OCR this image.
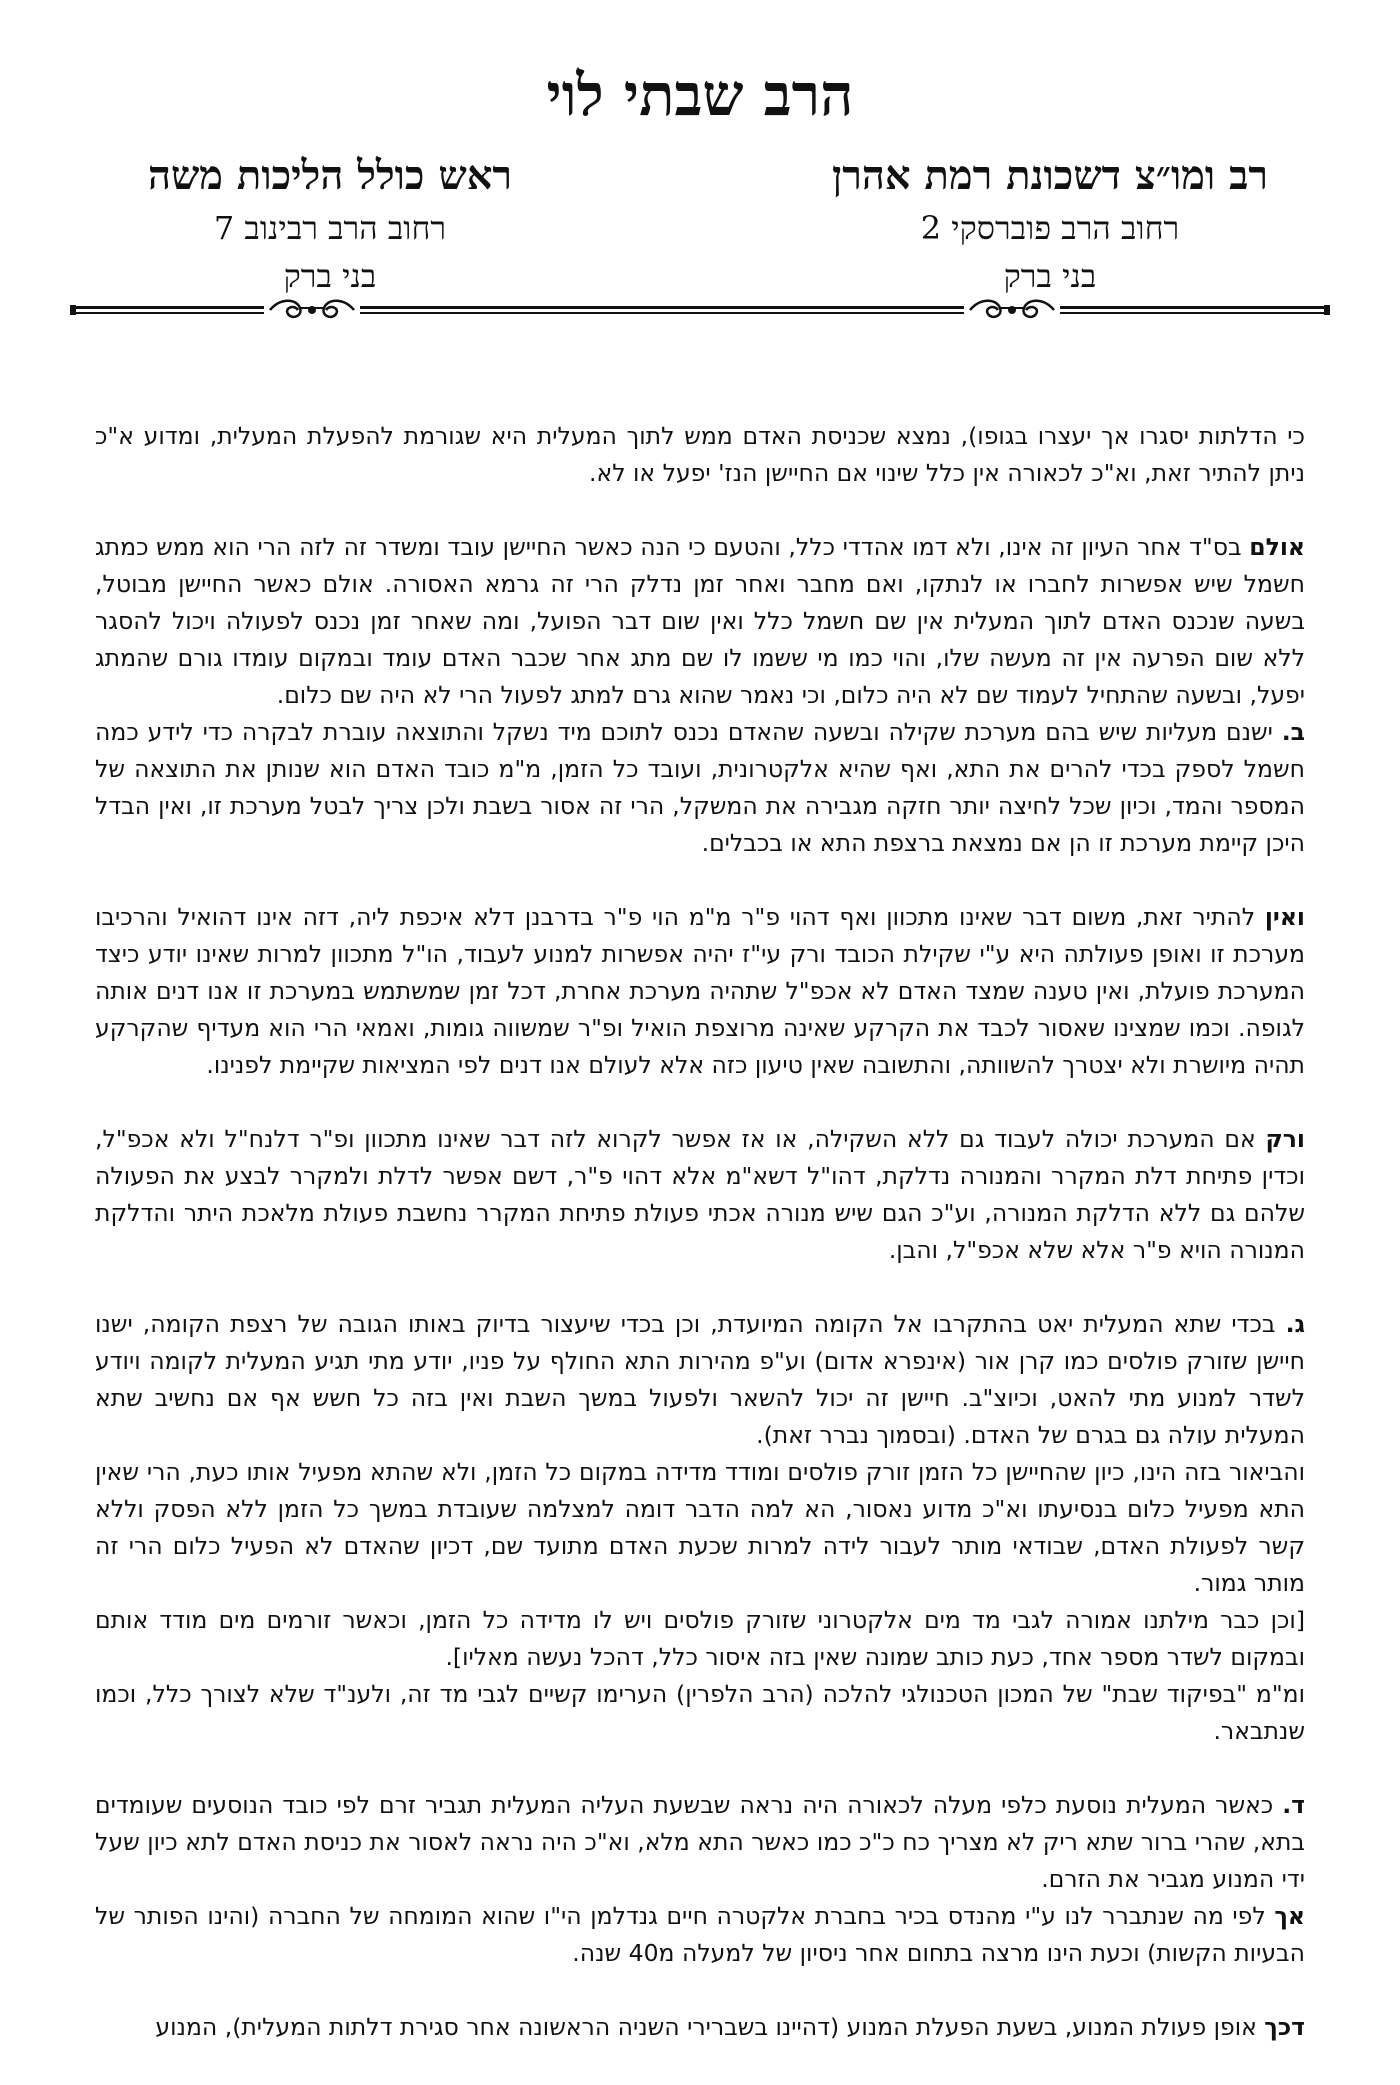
הרב שבתי לוי
רב ומו״צ דשכונת רמת אהרן
רחוב הרב פוברסקי 2
בני ברק
ראש כולל הליכות משה
רחוב הרב רבינוב 7
בני ברק

כי הדלתות יסגרו אך יעצרו בגופו), נמצא שכניסת האדם ממש לתוך המעלית היא שגורמת להפעלת המעלית, ומדוע א"כ ניתן להתיר זאת, וא"כ לכאורה אין כלל שינוי אם החיישן הנז' יפעל או לא.

אולם בס"ד אחר העיון זה אינו, ולא דמו אהדדי כלל, והטעם כי הנה כאשר החיישן עובד ומשדר זה לזה הרי הוא ממש כמתג חשמל שיש אפשרות לחברו או לנתקו, ואם מחבר ואחר זמן נדלק הרי זה גרמא האסורה. אולם כאשר החיישן מבוטל, בשעה שנכנס האדם לתוך המעלית אין שם חשמל כלל ואין שום דבר הפועל, ומה שאחר זמן נכנס לפעולה ויכול להסגר ללא שום הפרעה אין זה מעשה שלו, והוי כמו מי ששמו לו שם מתג אחר שכבר האדם עומד ובמקום עומדו גורם שהמתג יפעל, ובשעה שהתחיל לעמוד שם לא היה כלום, וכי נאמר שהוא גרם למתג לפעול הרי לא היה שם כלום.

ב. ישנם מעליות שיש בהם מערכת שקילה ובשעה שהאדם נכנס לתוכם מיד נשקל והתוצאה עוברת לבקרה כדי לידע כמה חשמל לספק בכדי להרים את התא, ואף שהיא אלקטרונית, ועובד כל הזמן, מ"מ כובד האדם הוא שנותן את התוצאה של המספר והמד, וכיון שכל לחיצה יותר חזקה מגבירה את המשקל, הרי זה אסור בשבת ולכן צריך לבטל מערכת זו, ואין הבדל היכן קיימת מערכת זו הן אם נמצאת ברצפת התא או בכבלים.

ואין להתיר זאת, משום דבר שאינו מתכוון ואף דהוי פ"ר מ"מ הוי פ"ר בדרבנן דלא איכפת ליה, דזה אינו דהואיל והרכיבו מערכת זו ואופן פעולתה היא ע"י שקילת הכובד ורק עי"ז יהיה אפשרות למנוע לעבוד, הו"ל מתכוון למרות שאינו יודע כיצד המערכת פועלת, ואין טענה שמצד האדם לא אכפ"ל שתהיה מערכת אחרת, דכל זמן שמשתמש במערכת זו אנו דנים אותה לגופה. וכמו שמצינו שאסור לכבד את הקרקע שאינה מרוצפת הואיל ופ"ר שמשווה גומות, ואמאי הרי הוא מעדיף שהקרקע תהיה מיושרת ולא יצטרך להשוותה, והתשובה שאין טיעון כזה אלא לעולם אנו דנים לפי המציאות שקיימת לפנינו.

ורק אם המערכת יכולה לעבוד גם ללא השקילה, או אז אפשר לקרוא לזה דבר שאינו מתכוון ופ"ר דלנח"ל ולא אכפ"ל, וכדין פתיחת דלת המקרר והמנורה נדלקת, דהו"ל דשא"מ אלא דהוי פ"ר, דשם אפשר לדלת ולמקרר לבצע את הפעולה שלהם גם ללא הדלקת המנורה, וע"כ הגם שיש מנורה אכתי פעולת פתיחת המקרר נחשבת פעולת מלאכת היתר והדלקת המנורה הויא פ"ר אלא שלא אכפ"ל, והבן.

ג. בכדי שתא המעלית יאט בהתקרבו אל הקומה המיועדת, וכן בכדי שיעצור בדיוק באותו הגובה של רצפת הקומה, ישנו חיישן שזורק פולסים כמו קרן אור (אינפרא אדום) וע"פ מהירות התא החולף על פניו, יודע מתי תגיע המעלית לקומה ויודע לשדר למנוע מתי להאט, וכיוצ"ב. חיישן זה יכול להשאר ולפעול במשך השבת ואין בזה כל חשש אף אם נחשיב שתא המעלית עולה גם בגרם של האדם. (ובסמוך נברר זאת).

והביאור בזה הינו, כיון שהחיישן כל הזמן זורק פולסים ומודד מדידה במקום כל הזמן, ולא שהתא מפעיל אותו כעת, הרי שאין התא מפעיל כלום בנסיעתו וא"כ מדוע נאסור, הא למה הדבר דומה למצלמה שעובדת במשך כל הזמן ללא הפסק וללא קשר לפעולת האדם, שבודאי מותר לעבור לידה למרות שכעת האדם מתועד שם, דכיון שהאדם לא הפעיל כלום הרי זה מותר גמור.

[וכן כבר מילתנו אמורה לגבי מד מים אלקטרוני שזורק פולסים ויש לו מדידה כל הזמן, וכאשר זורמים מים מודד אותם ובמקום לשדר מספר אחד, כעת כותב שמונה שאין בזה איסור כלל, דהכל נעשה מאליו].

ומ"מ "בפיקוד שבת" של המכון הטכנולגי להלכה (הרב הלפרין) הערימו קשיים לגבי מד זה, ולענ"ד שלא לצורך כלל, וכמו שנתבאר.

ד. כאשר המעלית נוסעת כלפי מעלה לכאורה היה נראה שבשעת העליה המעלית תגביר זרם לפי כובד הנוסעים שעומדים בתא, שהרי ברור שתא ריק לא מצריך כח כ"כ כמו כאשר התא מלא, וא"כ היה נראה לאסור את כניסת האדם לתא כיון שעל ידי המנוע מגביר את הזרם.

אך לפי מה שנתברר לנו ע"י מהנדס בכיר בחברת אלקטרה חיים גנדלמן הי"ו שהוא המומחה של החברה (והינו הפותר של הבעיות הקשות) וכעת הינו מרצה בתחום אחר ניסיון של למעלה מ40 שנה.

דכך אופן פעולת המנוע, בשעת הפעלת המנוע (דהיינו בשברירי השניה הראשונה אחר סגירת דלתות המעלית), המנוע
